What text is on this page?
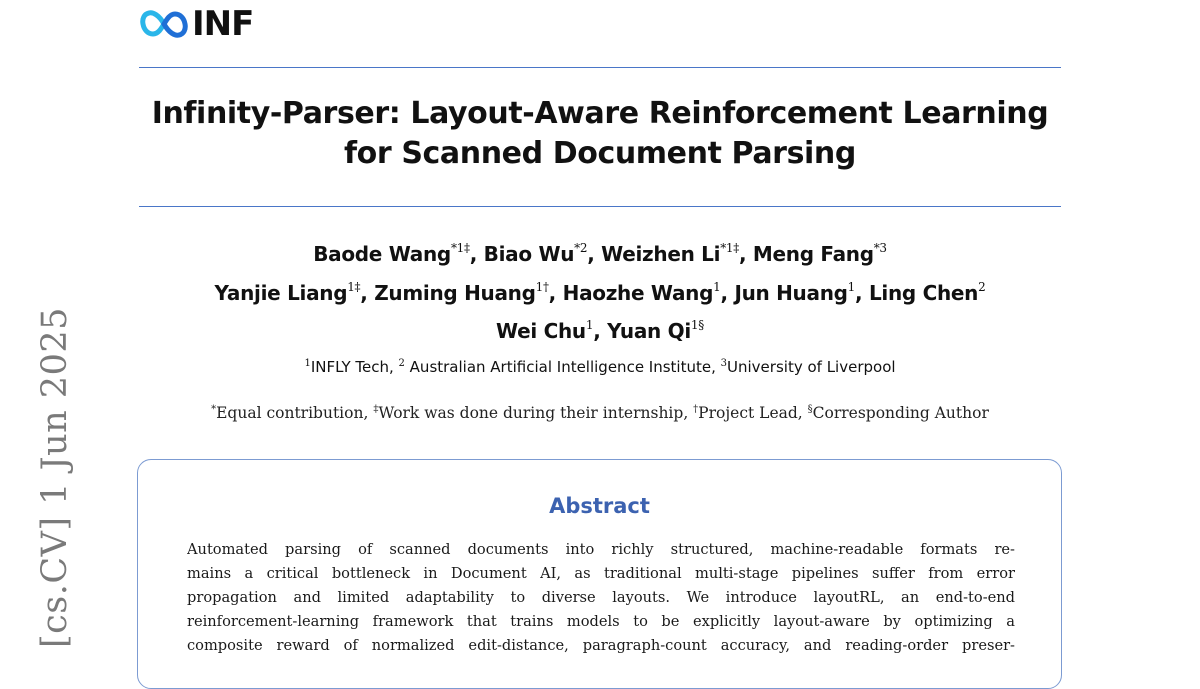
INF
Infinity-Parser: Layout-Aware Reinforcement Learning
for Scanned Document Parsing
Baode Wang$^{*1\ddagger}$, Biao Wu$^{*2}$, Weizhen $Li^{*1\ddagger}$, Meng Fang$^{*3}$
Yanjie Liang$^{1\ddagger}$, Zuming Huang$^{1\dagger}$, Haozhe Wang$^1$, Jun Huang$^1$, Ling Chen$^2$
Wei Chu$^1$, Yuan $Qi^{1\S}$
$^1$INFLY Tech, $^2$ Australian Artificial Intelligence Institute, $^3$University of Liverpool
*Equal contribution, ‡Work was done during their internship, †Project Lead, §Corresponding Author
Abstract
Automated parsing of scanned documents into richly structured, machine-readable formats re-
mains a critical bottleneck in Document AI, as traditional multi-stage pipelines suffer from error
propagation and limited adaptability to diverse layouts. We introduce layoutRL, an end-to-end
reinforcement-learning framework that trains models to be explicitly layout-aware by optimizing a
composite reward of normalized edit-distance, paragraph-count accuracy, and reading-order preser-
[cs.CV] 1 Jun 2025
